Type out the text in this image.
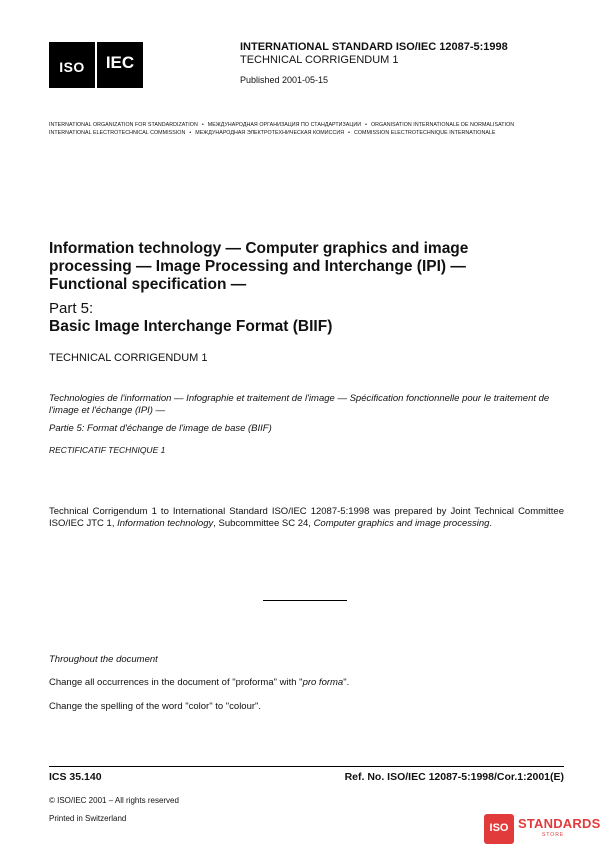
ISO	IEC
INTERNATIONAL STANDARD ISO/IEC 12087-5:1998
TECHNICAL CORRIGENDUM 1
Published 2001-05-15
INTERNATIONAL ORGANIZATION FOR STANDARDIZATION • МЕЖДУНАРОДНАЯ ОРГАНИЗАЦИЯ ПО СТАНДАРТИЗАЦИИ • ORGANISATION INTERNATIONALE DE NORMALISATION
INTERNATIONAL ELECTROTECHNICAL COMMISSION • МЕЖДУНАРОДНАЯ ЭЛЕКТРОТЕХНИЧЕСКАЯ КОМИССИЯ • COMMISSION ELECTROTECHNIQUE INTERNATIONALE
Information technology — Computer graphics and image processing — Image Processing and Interchange (IPI) — Functional specification —
Part 5:
Basic Image Interchange Format (BIIF)
TECHNICAL CORRIGENDUM 1
Technologies de l'information — Infographie et traitement de l'image — Spécification fonctionnelle pour le traitement de l'image et l'échange (IPI) —
Partie 5: Format d'échange de l'image de base (BIIF)
RECTIFICATIF TECHNIQUE 1
Technical Corrigendum 1 to International Standard ISO/IEC 12087-5:1998 was prepared by Joint Technical Committee ISO/IEC JTC 1, Information technology, Subcommittee SC 24, Computer graphics and image processing.
Throughout the document
Change all occurrences in the document of "proforma" with "pro forma".
Change the spelling of the word "color" to "colour".
ICS 35.140	Ref. No. ISO/IEC 12087-5:1998/Cor.1:2001(E)
© ISO/IEC 2001 – All rights reserved
Printed in Switzerland
ISO STANDARDS
STORE
